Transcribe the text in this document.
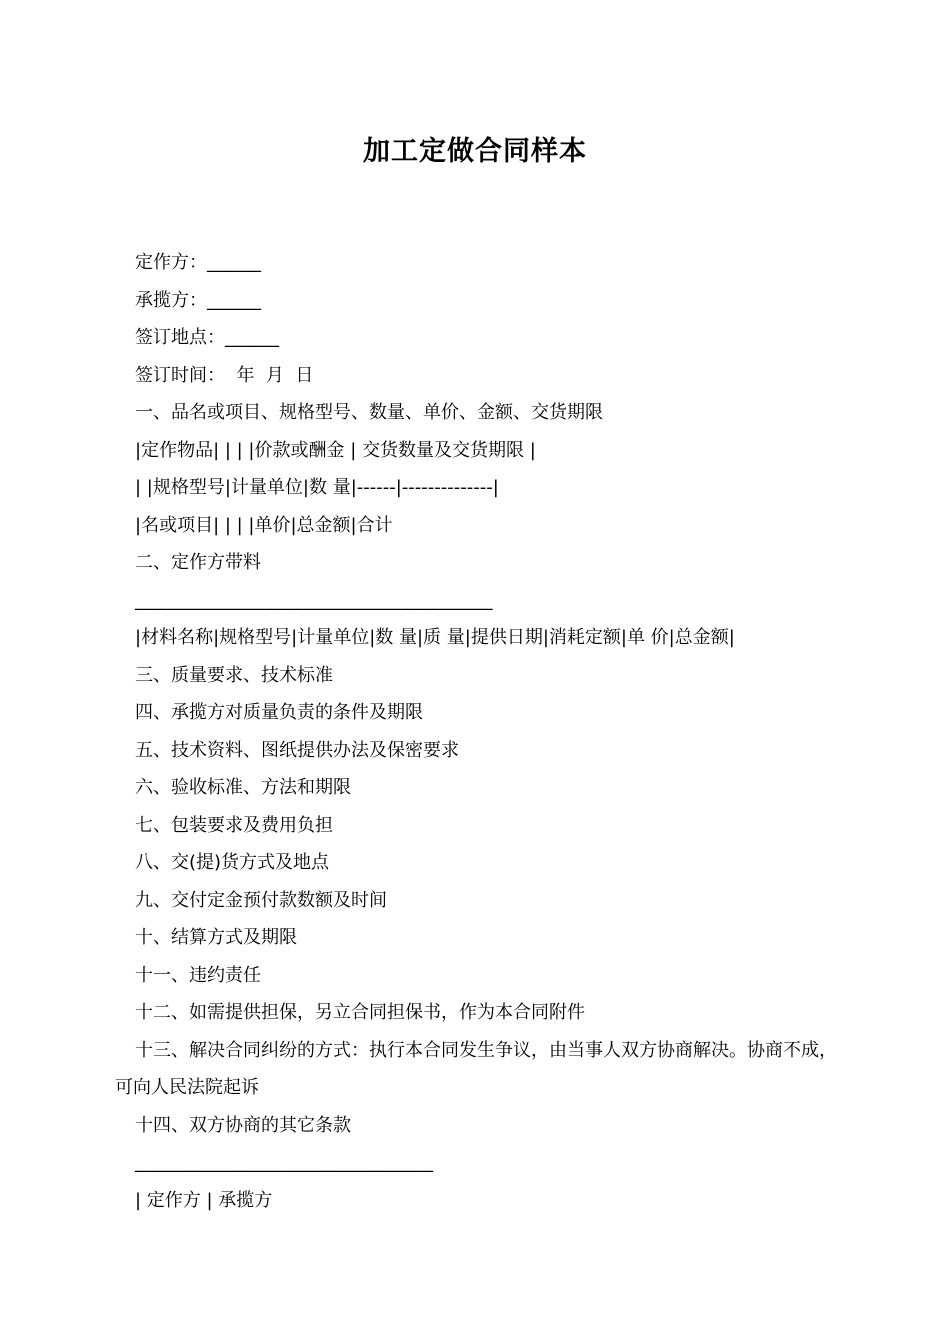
加工定做合同样本
定作方：______
承揽方：______
签订地点：______
签订时间：  年  月  日
一、品名或项目、规格型号、数量、单价、金额、交货期限
|定作物品| | | |价款或酬金 | 交货数量及交货期限 |
| |规格型号|计量单位|数 量|------|--------------|
|名或项目| | | |单价|总金额|合计
二、定作方带料
__________________________________________
|材料名称|规格型号|计量单位|数 量|质 量|提供日期|消耗定额|单 价|总金额|
三、质量要求、技术标准
四、承揽方对质量负责的条件及期限
五、技术资料、图纸提供办法及保密要求
六、验收标准、方法和期限
七、包装要求及费用负担
八、交(提)货方式及地点
九、交付定金预付款数额及时间
十、结算方式及期限
十一、违约责任
十二、如需提供担保，另立合同担保书，作为本合同附件
十三、解决合同纠纷的方式：执行本合同发生争议，由当事人双方协商解决。协商不成，可向人民法院起诉
十四、双方协商的其它条款
___________________________________
| 定作方 | 承揽方
